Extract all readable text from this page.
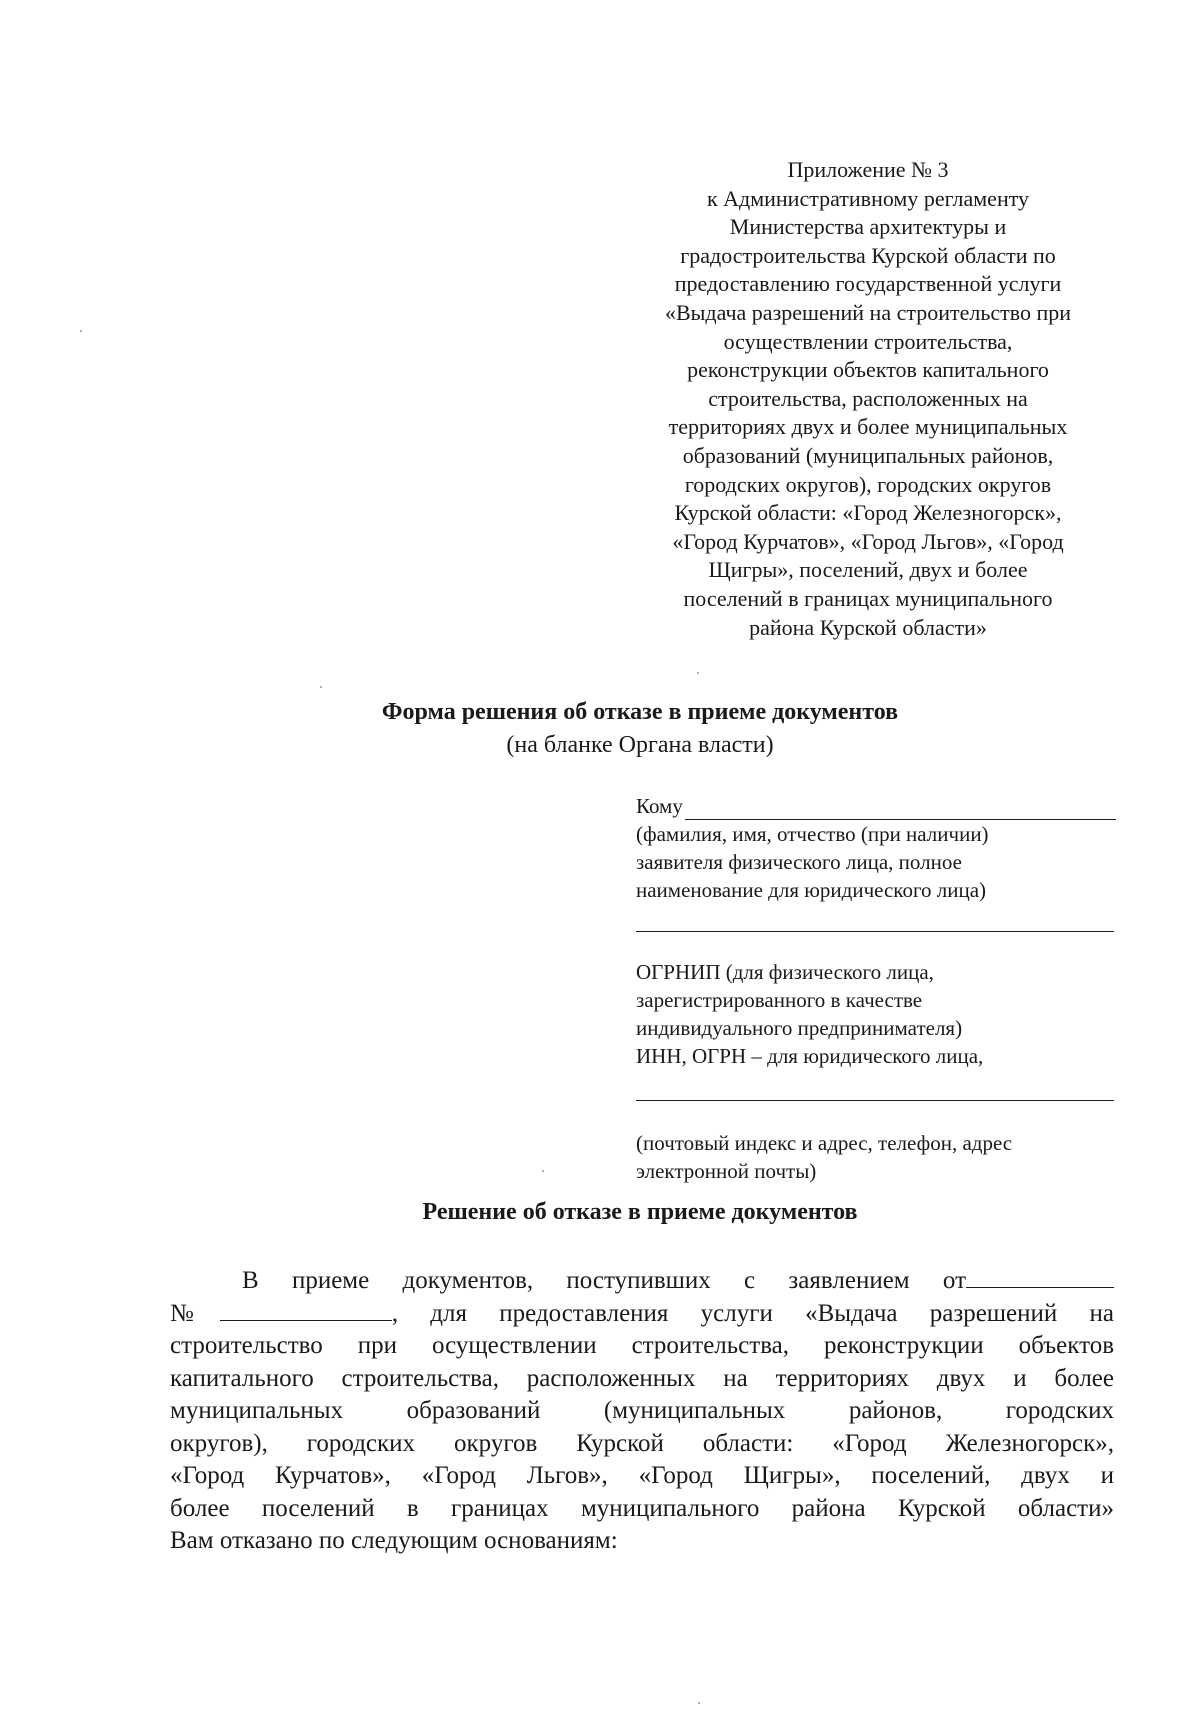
Приложение № 3
к Административному регламенту
Министерства архитектуры и
градостроительства Курской области по
предоставлению государственной услуги
«Выдача разрешений на строительство при
осуществлении строительства,
реконструкции объектов капитального
строительства, расположенных на
территориях двух и более муниципальных
образований (муниципальных районов,
городских округов), городских округов
Курской области: «Город Железногорск»,
«Город Курчатов», «Город Льгов», «Город
Щигры», поселений, двух и более
поселений в границах муниципального
района Курской области»
Форма решения об отказе в приеме документов
(на бланке Органа власти)
Кому
(фамилия, имя, отчество (при наличии)
заявителя физического лица, полное
наименование для юридического лица)
ОГРНИП (для физического лица,
зарегистрированного в качестве
индивидуального предпринимателя)
ИНН, ОГРН – для юридического лица,
(почтовый индекс и адрес, телефон, адрес
электронной почты)
Решение об отказе в приеме документов
В приеме документов, поступивших с заявлением от
№	, для предоставления услуги «Выдача разрешений на
строительство при осуществлении строительства, реконструкции объектов
капитального строительства, расположенных на территориях двух и более
муниципальных образований (муниципальных районов, городских
округов), городских округов Курской области: «Город Железногорск»,
«Город Курчатов», «Город Льгов», «Город Щигры», поселений, двух и
более поселений в границах муниципального района Курской области»
Вам отказано по следующим основаниям:
